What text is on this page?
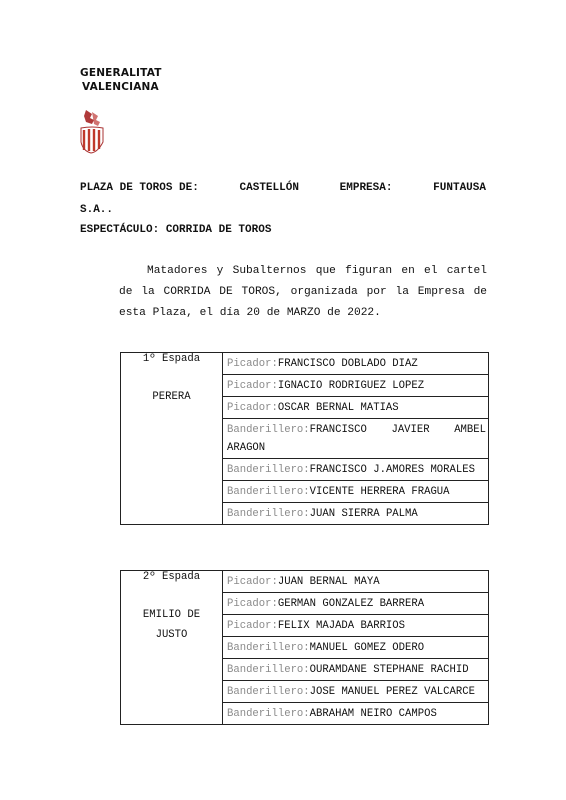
GENERALITAT
VALENCIANA
PLAZA DE TOROS DE:	CASTELLÓN	EMPRESA:	FUNTAUSA
S.A..
ESPECTÁCULO: CORRIDA DE TOROS
Matadores y Subalternos que figuran en el cartel de la CORRIDA DE TOROS, organizada por la Empresa de esta Plaza, el día 20 de MARZO de 2022.
1º Espada
PERERA
	Picador:FRANCISCO DOBLADO DIAZ
Picador:IGNACIO RODRIGUEZ LOPEZ
Picador:OSCAR BERNAL MATIAS
Banderillero:FRANCISCO JAVIER AMBEL ARAGON
Banderillero:FRANCISCO J.AMORES MORALES
Banderillero:VICENTE HERRERA FRAGUA
Banderillero:JUAN SIERRA PALMA
2º Espada
EMILIO DE JUSTO
	Picador:JUAN BERNAL MAYA
Picador:GERMAN GONZALEZ BARRERA
Picador:FELIX MAJADA BARRIOS
Banderillero:MANUEL GOMEZ ODERO
Banderillero:OURAMDANE STEPHANE RACHID
Banderillero:JOSE MANUEL PEREZ VALCARCE
Banderillero:ABRAHAM NEIRO CAMPOS
